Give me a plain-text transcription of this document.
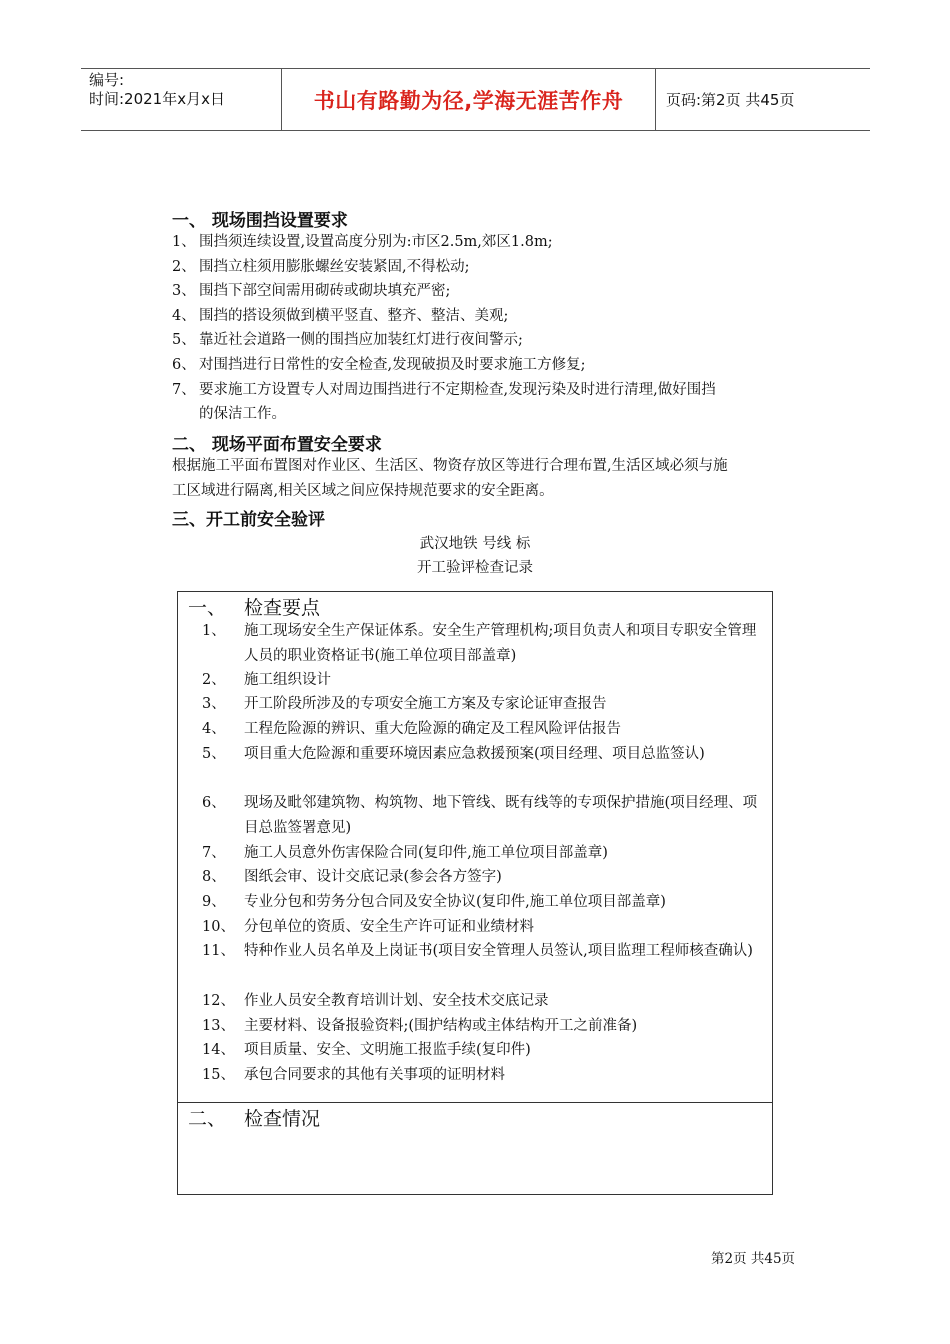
编号:
时间:2021年x月x日	书山有路勤为径,学海无涯苦作舟	页码:第2页 共45页
一、 现场围挡设置要求
1、 围挡须连续设置,设置高度分别为:市区2.5m,郊区1.8m;
2、 围挡立柱须用膨胀螺丝安装紧固,不得松动;
3、 围挡下部空间需用砌砖或砌块填充严密;
4、 围挡的搭设须做到横平竖直、整齐、整洁、美观;
5、 靠近社会道路一侧的围挡应加装红灯进行夜间警示;
6、 对围挡进行日常性的安全检查,发现破损及时要求施工方修复;
7、 要求施工方设置专人对周边围挡进行不定期检查,发现污染及时进行清理,做好围挡
的保洁工作。
二、 现场平面布置安全要求
根据施工平面布置图对作业区、生活区、物资存放区等进行合理布置,生活区域必须与施
工区域进行隔离,相关区域之间应保持规范要求的安全距离。
三、开工前安全验评
武汉地铁 号线 标
开工验评检查记录
一、 检查要点
1、 施工现场安全生产保证体系。安全生产管理机构;项目负责人和项目专职安全管理人员的职业资格证书(施工单位项目部盖章)
2、 施工组织设计
3、 开工阶段所涉及的专项安全施工方案及专家论证审查报告
4、 工程危险源的辨识、重大危险源的确定及工程风险评估报告
5、 项目重大危险源和重要环境因素应急救援预案(项目经理、项目总监签认)
6、 现场及毗邻建筑物、构筑物、地下管线、既有线等的专项保护措施(项目经理、项目总监签署意见)
7、 施工人员意外伤害保险合同(复印件,施工单位项目部盖章)
8、 图纸会审、设计交底记录(参会各方签字)
9、 专业分包和劳务分包合同及安全协议(复印件,施工单位项目部盖章)
10、 分包单位的资质、安全生产许可证和业绩材料
11、 特种作业人员名单及上岗证书(项目安全管理人员签认,项目监理工程师核查确认)
12、 作业人员安全教育培训计划、安全技术交底记录
13、 主要材料、设备报验资料;(围护结构或主体结构开工之前准备)
14、 项目质量、安全、文明施工报监手续(复印件)
15、 承包合同要求的其他有关事项的证明材料
二、 检查情况
第2页 共45页
